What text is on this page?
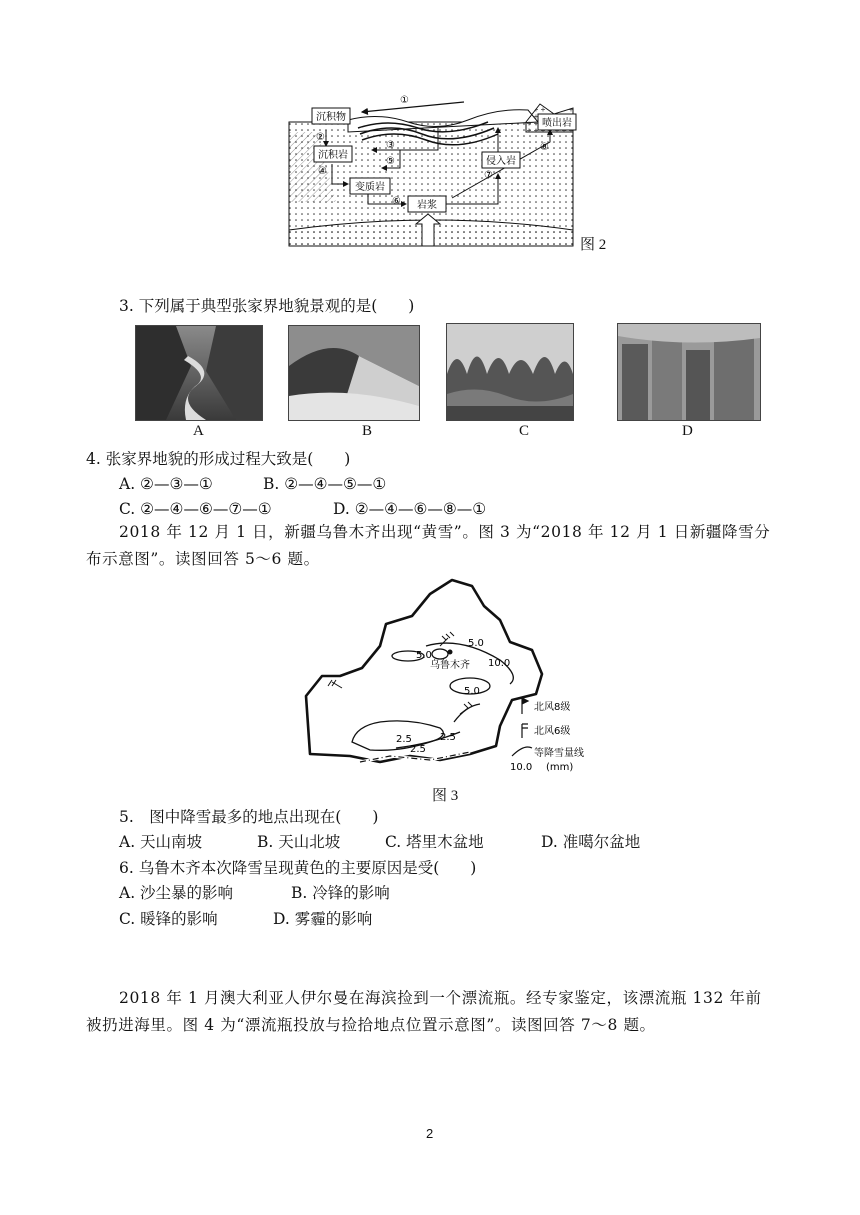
沉积物
沉积岩
变质岩
岩浆
侵入岩
喷出岩
①
②
③
④
⑤
⑥
⑦
⑧
图 2
3. 下列属于典型张家界地貌景观的是(　　)
A	B	C	D
4. 张家界地貌的形成过程大致是(　　)
A. ②—③—①	B. ②—④—⑤—①
C. ②—④—⑥—⑦—①	D. ②—④—⑥—⑧—①
2018 年 12 月 1 日，新疆乌鲁木齐出现“黄雪”。图 3 为“2018 年 12 月 1 日新疆降雪分
布示意图”。读图回答 5～6 题。
乌鲁木齐
5.0
5.0
10.0
5.0
2.5	2.5
2.5
北风8级
北风6级
等降雪量线
10.0 (mm)
图 3
5.　图中降雪最多的地点出现在(　　)
A. 天山南坡	B. 天山北坡	C. 塔里木盆地	D. 准噶尔盆地
6. 乌鲁木齐本次降雪呈现黄色的主要原因是受(　　)
A. 沙尘暴的影响	B. 冷锋的影响
C. 暖锋的影响	D. 雾霾的影响
2018 年 1 月澳大利亚人伊尔曼在海滨捡到一个漂流瓶。经专家鉴定，该漂流瓶 132 年前
被扔进海里。图 4 为“漂流瓶投放与捡拾地点位置示意图”。读图回答 7～8 题。
2
